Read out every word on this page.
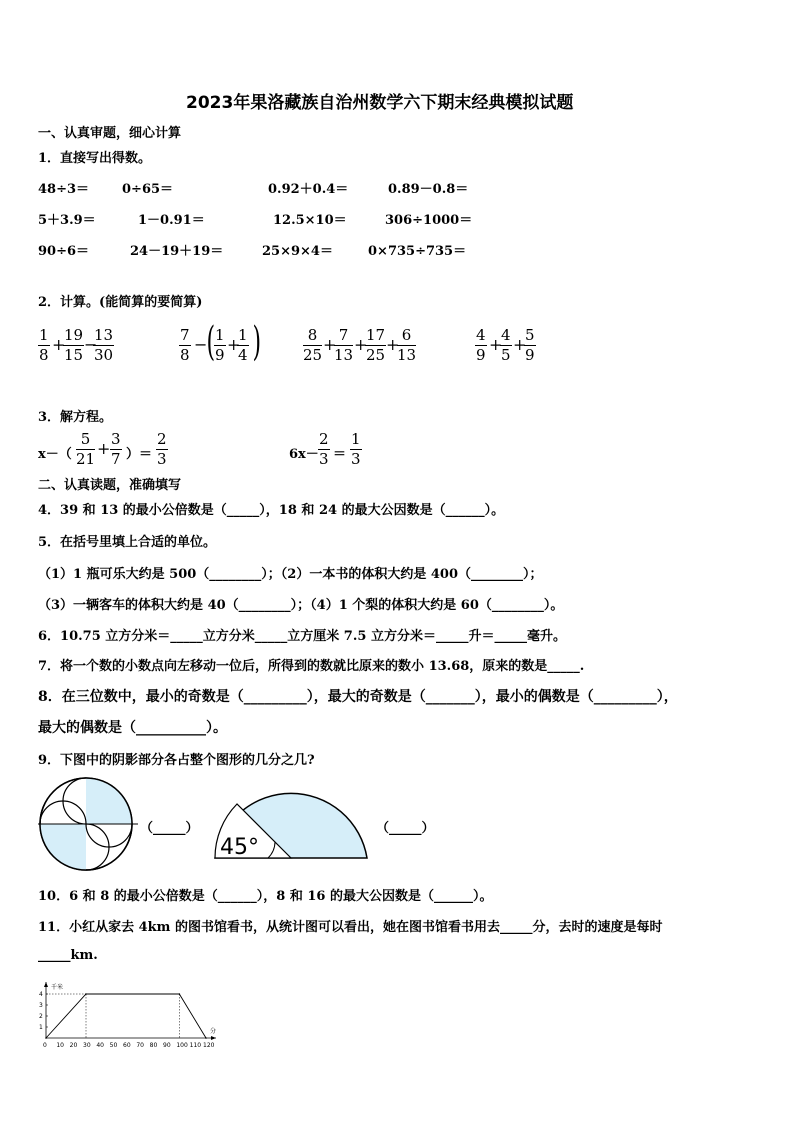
2023年果洛藏族自治州数学六下期末经典模拟试题
一、认真审题，细心计算
1．直接写出得数。
48÷3＝	0÷65＝	0.92＋0.4＝	0.89－0.8＝
5＋3.9＝	1－0.91＝	12.5×10＝	306÷1000＝
90÷6＝	24－19＋19＝	25×9×4＝	0×735÷735＝
2．计算。(能简算的要简算)
$\frac{1}{8}$ +
$\frac{19}{15}$ −
$\frac{13}{30}$	$\frac{7}{8}$ − (
$\frac{1}{9}$ +
$\frac{1}{4}$ )	$\frac{8}{25}$ +
$\frac{7}{13}$ +
$\frac{17}{25}$ +
$\frac{6}{13}$	$\frac{4}{9}$ +
$\frac{4}{5}$ +
$\frac{5}{9}$
3．解方程。
$x-( \frac{5}{21} + \frac{3}{7}$ ）＝ $\frac{2}{3}$	$6x- \frac{2}{3} = \frac{1}{3}$
二、认真读题，准确填写
4．39 和 13 的最小公倍数是（_____），18 和 24 的最大公因数是（______）。
5．在括号里填上合适的单位。
（1）1 瓶可乐大约是 500（________）；（2）一本书的体积大约是 400（________）；
（3）一辆客车的体积大约是 40（________）；（4）1 个梨的体积大约是 60（________）。
6．10.75 立方分米＝_____立方分米_____立方厘米 7.5 立方分米＝_____升＝_____毫升。
7．将一个数的小数点向左移动一位后，所得到的数就比原来的数小 13.68，原来的数是_____.
8．在三位数中，最小的奇数是（_________），最大的奇数是（_______），最小的偶数是（_________），
最大的偶数是（__________）。
9．下图中的阴影部分各占整个图形的几分之几?
（_____）
45°
（_____）
10．6 和 8 的最小公倍数是（______），8 和 16 的最大公因数是（______）。
11．小红从家去 4km 的图书馆看书，从统计图可以看出，她在图书馆看书用去_____分，去时的速度是每时
_____km.
千米
分
0 10 20 30 40 50 60 70 80 90 100 110 120
1
2
3
4
